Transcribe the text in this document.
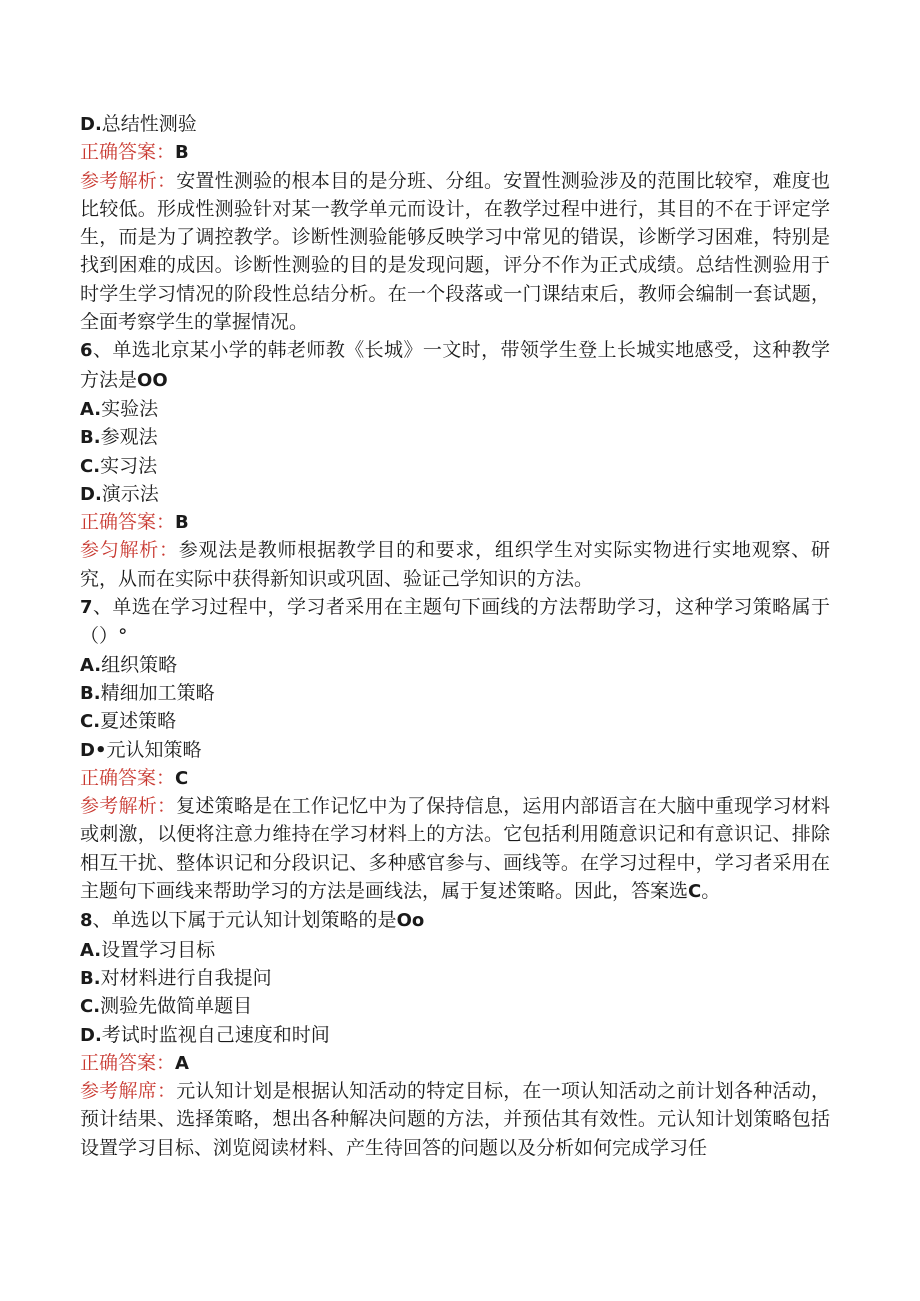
D.总结性测验
正确答案：B
参考解析：安置性测验的根本目的是分班、分组。安置性测验涉及的范围比较窄，难度也比较低。形成性测验针对某一教学单元而设计，在教学过程中进行，其目的不在于评定学生，而是为了调控教学。诊断性测验能够反映学习中常见的错误，诊断学习困难，特别是找到困难的成因。诊断性测验的目的是发现问题，评分不作为正式成绩。总结性测验用于时学生学习情况的阶段性总结分析。在一个段落或一门课结束后，教师会编制一套试题，全面考察学生的掌握情况。
6、单选北京某小学的韩老师教《长城》一文时，带领学生登上长城实地感受，这种教学方法是OO
A.实验法
B.参观法
C.实习法
D.演示法
正确答案：B
参匀解析：参观法是教师根据教学目的和要求，组织学生对实际实物进行实地观察、研究，从而在实际中获得新知识或巩固、验证己学知识的方法。
7、单选在学习过程中，学习者采用在主题句下画线的方法帮助学习，这种学习策略属于（）°
A.组织策略
B.精细加工策略
C.夏述策略
D•元认知策略
正确答案：C
参考解析：复述策略是在工作记忆中为了保持信息，运用内部语言在大脑中重现学习材料或刺激，以便将注意力维持在学习材料上的方法。它包括利用随意识记和有意识记、排除相互干扰、整体识记和分段识记、多种感官参与、画线等。在学习过程中，学习者采用在主题句下画线来帮助学习的方法是画线法，属于复述策略。因此，答案选C。
8、单选以下属于元认知计划策略的是Oo
A.设置学习目标
B.对材料进行自我提问
C.测验先做简单题目
D.考试时监视自己速度和时间
正确答案：A
参考解席：元认知计划是根据认知活动的特定目标，在一项认知活动之前计划各种活动，预计结果、选择策略，想出各种解决问题的方法，并预估其有效性。元认知计划策略包括设置学习目标、浏览阅读材料、产生待回答的问题以及分析如何完成学习任
